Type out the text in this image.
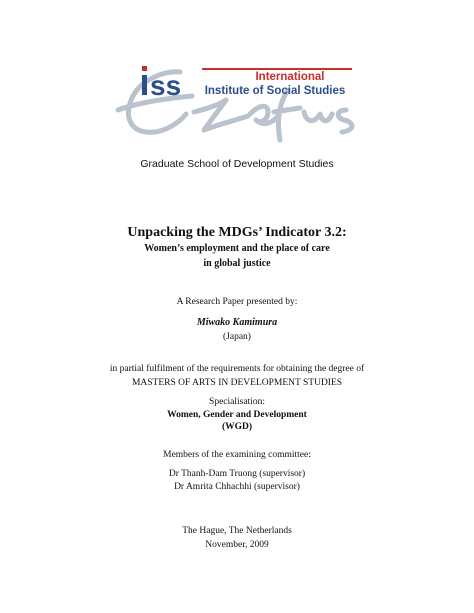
ss	International
Institute of Social Studies
Graduate School of Development Studies
Unpacking the MDGs’ Indicator 3.2:
Women’s employment and the place of care
in global justice
A Research Paper presented by:
Miwako Kamimura
(Japan)
in partial fulfilment of the requirements for obtaining the degree of
MASTERS OF ARTS IN DEVELOPMENT STUDIES
Specialisation:
Women, Gender and Development
(WGD)
Members of the examining committee:
Dr Thanh-Dam Truong (supervisor)
Dr Amrita Chhachhi (supervisor)
The Hague, The Netherlands
November, 2009
